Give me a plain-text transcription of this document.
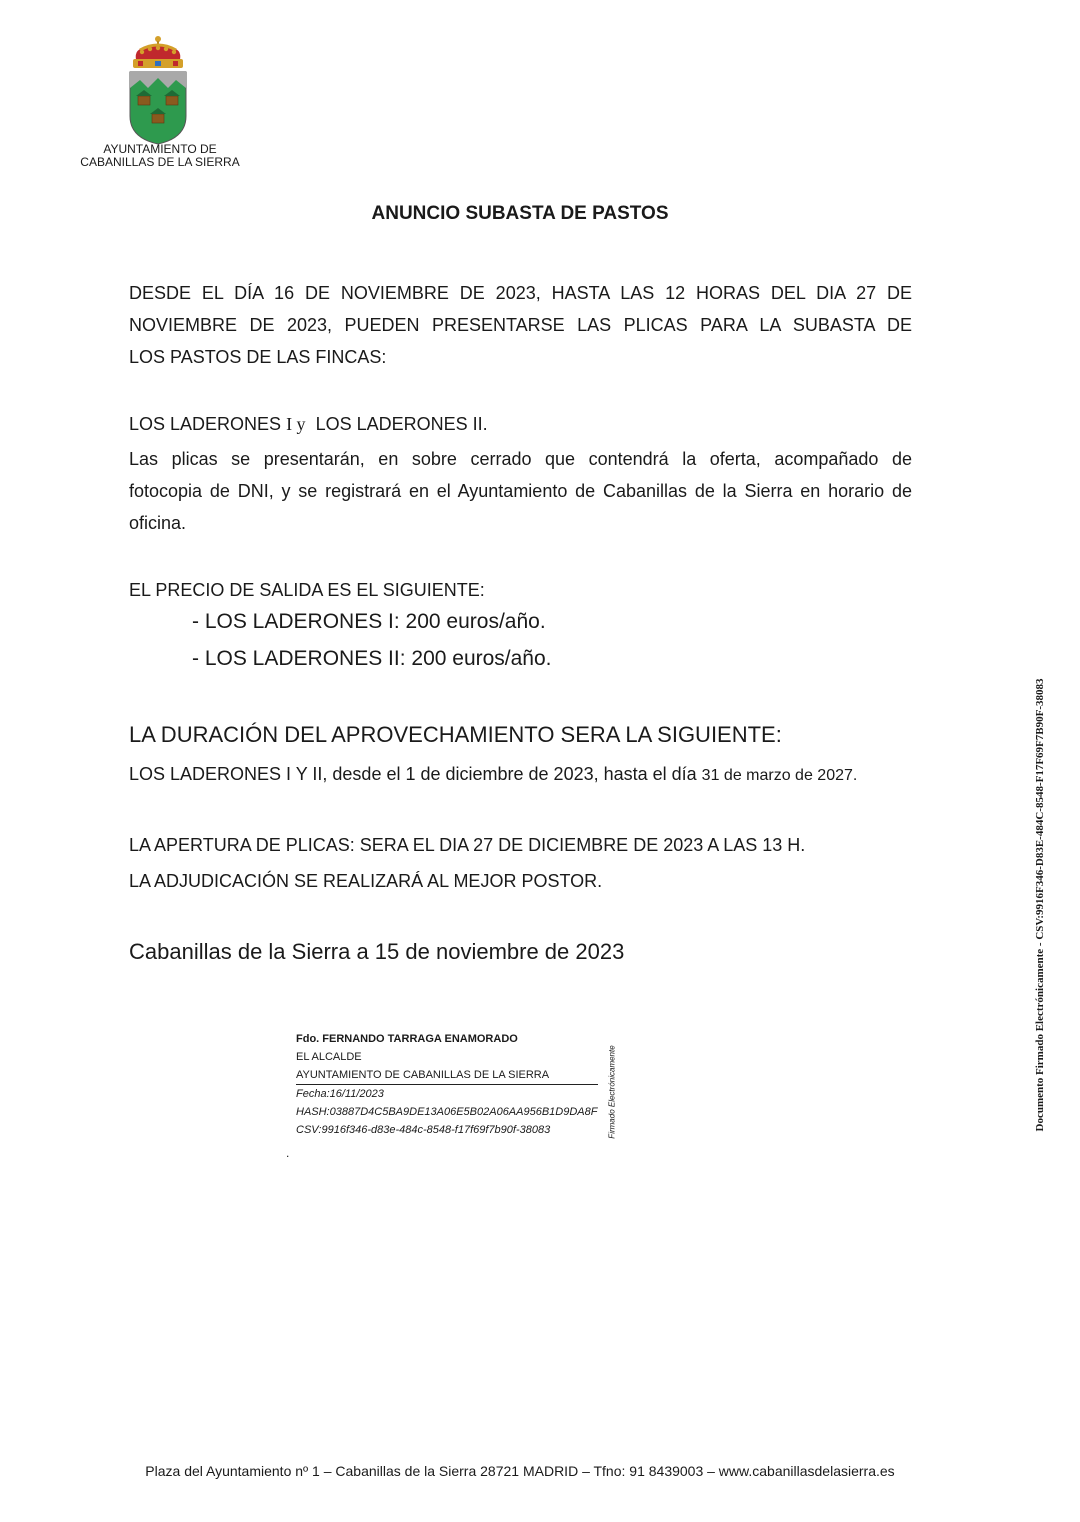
AYUNTAMIENTO DE
CABANILLAS DE LA SIERRA
ANUNCIO SUBASTA DE PASTOS
DESDE EL DÍA 16 DE NOVIEMBRE DE 2023, HASTA LAS 12 HORAS DEL DIA 27 DE
NOVIEMBRE DE 2023, PUEDEN PRESENTARSE LAS PLICAS PARA LA SUBASTA DE
LOS PASTOS DE LAS FINCAS:
LOS LADERONES I y  LOS LADERONES II.
Las plicas se presentarán, en sobre cerrado que contendrá la oferta, acompañado de
fotocopia de DNI, y se registrará en el Ayuntamiento de Cabanillas de la Sierra en horario de
oficina.
EL PRECIO DE SALIDA ES EL SIGUIENTE:
- LOS LADERONES I: 200 euros/año.
- LOS LADERONES II: 200 euros/año.
LA DURACIÓN DEL APROVECHAMIENTO SERA LA SIGUIENTE:
LOS LADERONES I Y II, desde el 1 de diciembre de 2023, hasta el día 31 de marzo de 2027.
LA APERTURA DE PLICAS: SERA EL DIA 27 DE DICIEMBRE DE 2023 A LAS 13 H.
LA ADJUDICACIÓN SE REALIZARÁ AL MEJOR POSTOR.
Cabanillas de la Sierra a 15 de noviembre de 2023
Fdo. FERNANDO TARRAGA ENAMORADO
EL ALCALDE
AYUNTAMIENTO DE CABANILLAS DE LA SIERRA
Fecha:16/11/2023
HASH:03887D4C5BA9DE13A06E5B02A06AA956B1D9DA8F
CSV:9916f346-d83e-484c-8548-f17f69f7b90f-38083	Firmado Electrónicamente
.
Documento Firmado Electrónicamente - CSV:9916F346-D83E-484C-8548-F17F69F7B90F-38083
Plaza del Ayuntamiento nº 1 – Cabanillas de la Sierra 28721 MADRID – Tfno: 91 8439003 – www.cabanillasdelasierra.es
